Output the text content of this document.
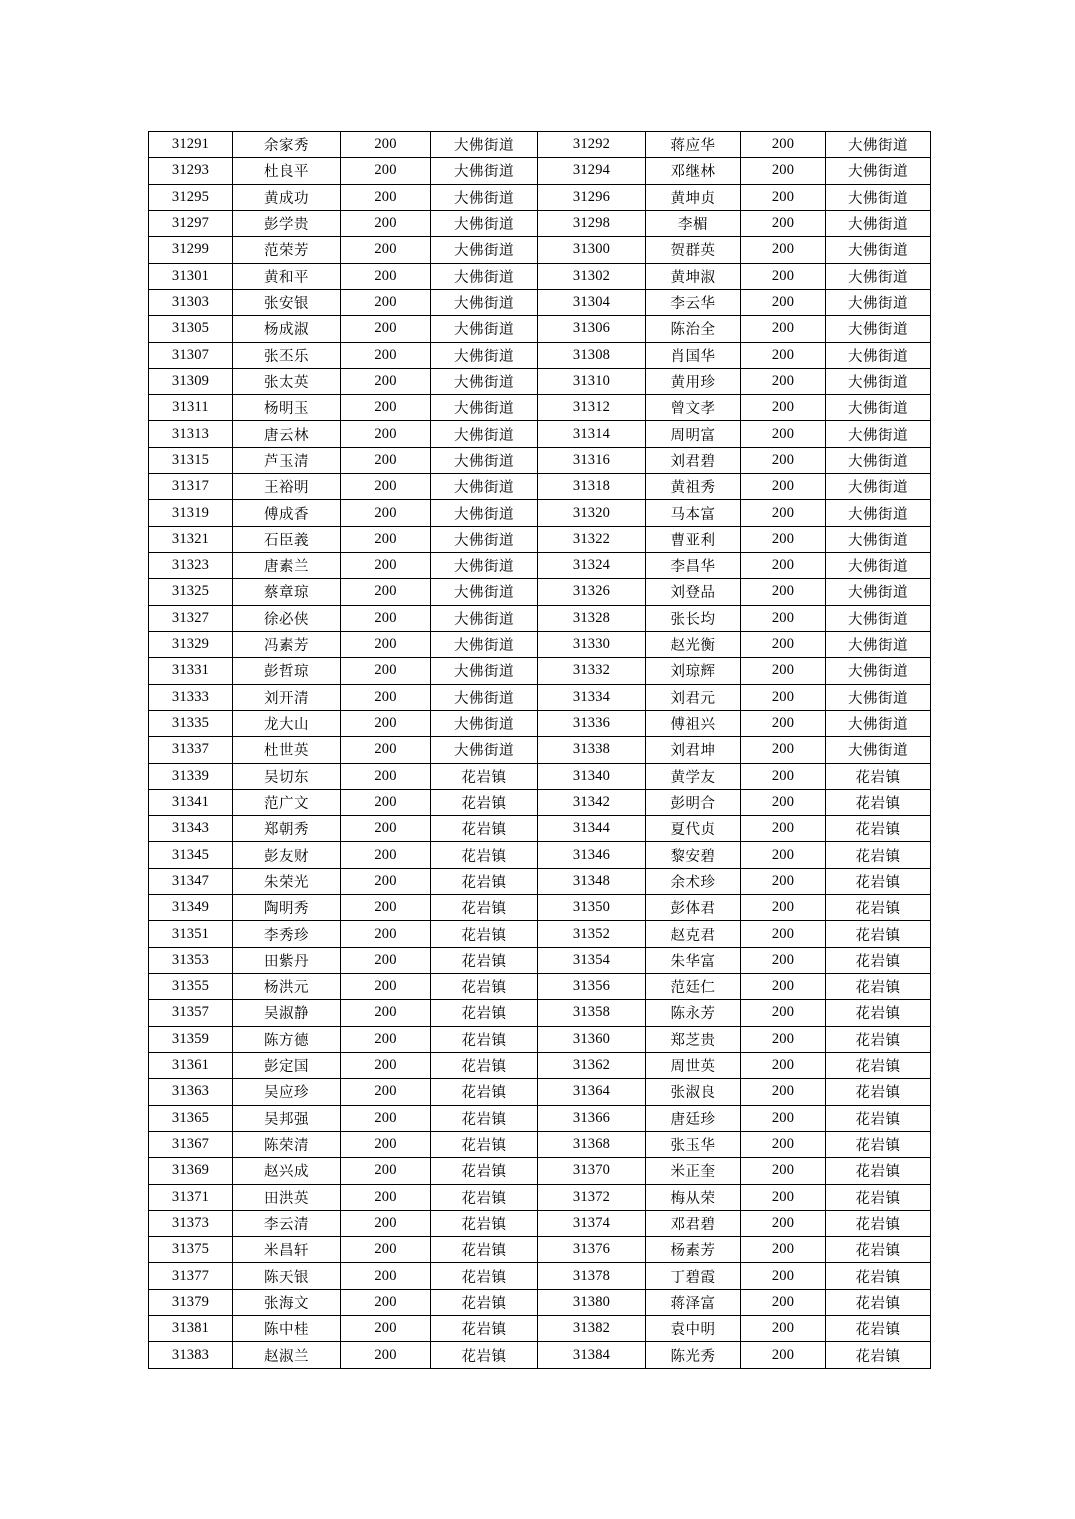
31291	余家秀	200	大佛街道	31292	蒋应华	200	大佛街道
31293	杜良平	200	大佛街道	31294	邓继林	200	大佛街道
31295	黄成功	200	大佛街道	31296	黄坤贞	200	大佛街道
31297	彭学贵	200	大佛街道	31298	李楣	200	大佛街道
31299	范荣芳	200	大佛街道	31300	贺群英	200	大佛街道
31301	黄和平	200	大佛街道	31302	黄坤淑	200	大佛街道
31303	张安银	200	大佛街道	31304	李云华	200	大佛街道
31305	杨成淑	200	大佛街道	31306	陈治全	200	大佛街道
31307	张丕乐	200	大佛街道	31308	肖国华	200	大佛街道
31309	张太英	200	大佛街道	31310	黄用珍	200	大佛街道
31311	杨明玉	200	大佛街道	31312	曾文孝	200	大佛街道
31313	唐云林	200	大佛街道	31314	周明富	200	大佛街道
31315	芦玉清	200	大佛街道	31316	刘君碧	200	大佛街道
31317	王裕明	200	大佛街道	31318	黄祖秀	200	大佛街道
31319	傅成香	200	大佛街道	31320	马本富	200	大佛街道
31321	石臣義	200	大佛街道	31322	曹亚利	200	大佛街道
31323	唐素兰	200	大佛街道	31324	李昌华	200	大佛街道
31325	蔡章琼	200	大佛街道	31326	刘登品	200	大佛街道
31327	徐必侠	200	大佛街道	31328	张长均	200	大佛街道
31329	冯素芳	200	大佛街道	31330	赵光衡	200	大佛街道
31331	彭哲琼	200	大佛街道	31332	刘琼辉	200	大佛街道
31333	刘开清	200	大佛街道	31334	刘君元	200	大佛街道
31335	龙大山	200	大佛街道	31336	傅祖兴	200	大佛街道
31337	杜世英	200	大佛街道	31338	刘君坤	200	大佛街道
31339	吴切东	200	花岩镇	31340	黄学友	200	花岩镇
31341	范广文	200	花岩镇	31342	彭明合	200	花岩镇
31343	郑朝秀	200	花岩镇	31344	夏代贞	200	花岩镇
31345	彭友财	200	花岩镇	31346	黎安碧	200	花岩镇
31347	朱荣光	200	花岩镇	31348	余术珍	200	花岩镇
31349	陶明秀	200	花岩镇	31350	彭体君	200	花岩镇
31351	李秀珍	200	花岩镇	31352	赵克君	200	花岩镇
31353	田紫丹	200	花岩镇	31354	朱华富	200	花岩镇
31355	杨洪元	200	花岩镇	31356	范廷仁	200	花岩镇
31357	吴淑静	200	花岩镇	31358	陈永芳	200	花岩镇
31359	陈方德	200	花岩镇	31360	郑芝贵	200	花岩镇
31361	彭定国	200	花岩镇	31362	周世英	200	花岩镇
31363	吴应珍	200	花岩镇	31364	张淑良	200	花岩镇
31365	吴邦强	200	花岩镇	31366	唐廷珍	200	花岩镇
31367	陈荣清	200	花岩镇	31368	张玉华	200	花岩镇
31369	赵兴成	200	花岩镇	31370	米正奎	200	花岩镇
31371	田洪英	200	花岩镇	31372	梅从荣	200	花岩镇
31373	李云清	200	花岩镇	31374	邓君碧	200	花岩镇
31375	米昌轩	200	花岩镇	31376	杨素芳	200	花岩镇
31377	陈天银	200	花岩镇	31378	丁碧霞	200	花岩镇
31379	张海文	200	花岩镇	31380	蒋泽富	200	花岩镇
31381	陈中桂	200	花岩镇	31382	袁中明	200	花岩镇
31383	赵淑兰	200	花岩镇	31384	陈光秀	200	花岩镇
